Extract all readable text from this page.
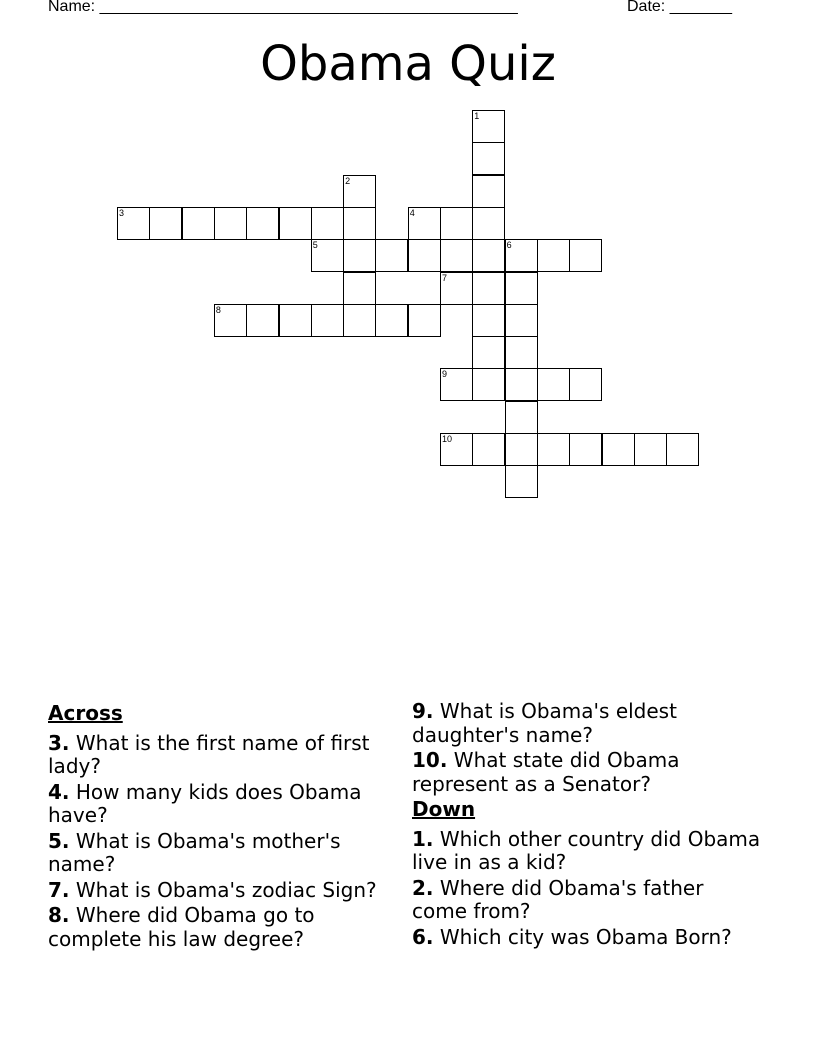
Name: _______________________________________________	Date: _______
Obama Quiz
1
2
3	4
5	6
7
8
9
10
Across
3. What is the first name of first lady?
4. How many kids does Obama have?
5. What is Obama's mother's name?
7. What is Obama's zodiac Sign?
8. Where did Obama go to complete his law degree?
9. What is Obama's eldest daughter's name?
10. What state did Obama represent as a Senator?
Down
1. Which other country did Obama live in as a kid?
2. Where did Obama's father come from?
6. Which city was Obama Born?
